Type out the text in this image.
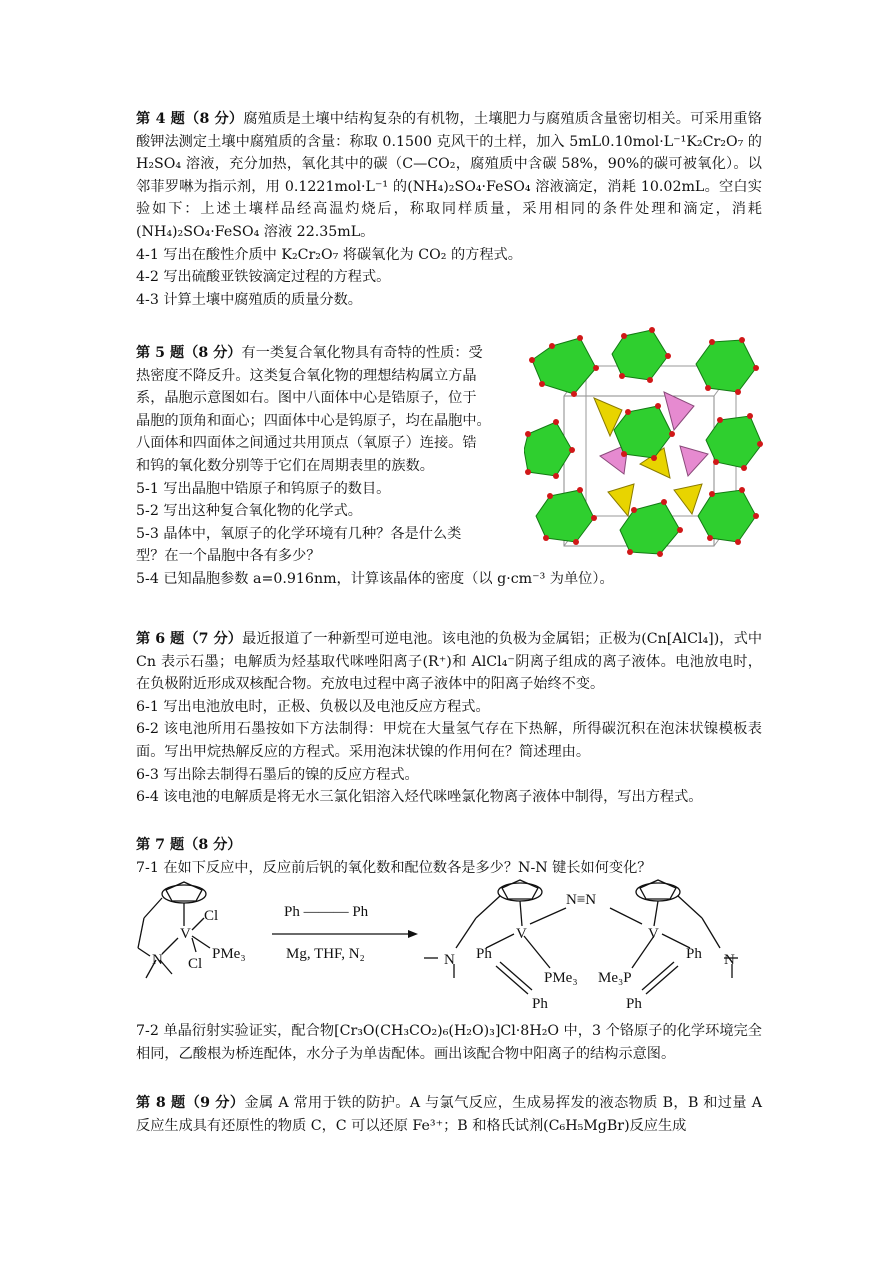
第 4 题（8 分）腐殖质是土壤中结构复杂的有机物，土壤肥力与腐殖质含量密切相关。可采用重铬酸钾法测定土壤中腐殖质的含量：称取 0.1500 克风干的土样，加入 5mL0.10mol·L⁻¹K₂Cr₂O₇ 的 H₂SO₄ 溶液，充分加热，氧化其中的碳（C—CO₂，腐殖质中含碳 58%，90%的碳可被氧化）。以邻菲罗啉为指示剂，用 0.1221mol·L⁻¹ 的(NH₄)₂SO₄·FeSO₄ 溶液滴定，消耗 10.02mL。空白实验如下：上述土壤样品经高温灼烧后，称取同样质量，采用相同的条件处理和滴定，消耗(NH₄)₂SO₄·FeSO₄ 溶液 22.35mL。

4-1 写出在酸性介质中 K₂Cr₂O₇ 将碳氧化为 CO₂ 的方程式。

4-2 写出硫酸亚铁铵滴定过程的方程式。

4-3 计算土壤中腐殖质的质量分数。

第 5 题（8 分）有一类复合氧化物具有奇特的性质：受

热密度不降反升。这类复合氧化物的理想结构属立方晶

系，晶胞示意图如右。图中八面体中心是锆原子，位于

晶胞的顶角和面心；四面体中心是钨原子，均在晶胞中。

八面体和四面体之间通过共用顶点（氧原子）连接。锆

和钨的氧化数分别等于它们在周期表里的族数。

5-1 写出晶胞中锆原子和钨原子的数目。

5-2 写出这种复合氧化物的化学式。

5-3 晶体中，氧原子的化学环境有几种？各是什么类

型？在一个晶胞中各有多少？

5-4 已知晶胞参数 a=0.916nm，计算该晶体的密度（以 g·cm⁻³ 为单位）。

第 6 题（7 分）最近报道了一种新型可逆电池。该电池的负极为金属铝；正极为(Cn[AlCl₄])，式中 Cn 表示石墨；电解质为烃基取代咪唑阳离子(R⁺)和 AlCl₄⁻阴离子组成的离子液体。电池放电时，在负极附近形成双核配合物。充放电过程中离子液体中的阳离子始终不变。

6-1 写出电池放电时，正极、负极以及电池反应方程式。

6-2 该电池所用石墨按如下方法制得：甲烷在大量氢气存在下热解，所得碳沉积在泡沫状镍模板表面。写出甲烷热解反应的方程式。采用泡沫状镍的作用何在？简述理由。

6-3 写出除去制得石墨后的镍的反应方程式。

6-4 该电池的电解质是将无水三氯化铝溶入烃代咪唑氯化物离子液体中制得，写出方程式。

第 7 题（8 分）

7-1 在如下反应中，反应前后钒的氧化数和配位数各是多少？N-N 键长如何变化？

N
V
Cl
Cl
PMe₃
Ph ——— Ph
Mg, THF, N₂
N≡N
V	V
N	N
Ph	Ph
Ph	Ph
PMe₃ Me₃P

7-2 单晶衍射实验证实，配合物[Cr₃O(CH₃CO₂)₆(H₂O)₃]Cl·8H₂O 中，3 个铬原子的化学环境完全相同，乙酸根为桥连配体，水分子为单齿配体。画出该配合物中阳离子的结构示意图。

第 8 题（9 分）金属 A 常用于铁的防护。A 与氯气反应，生成易挥发的液态物质 B，B 和过量 A 反应生成具有还原性的物质 C，C 可以还原 Fe³⁺；B 和格氏试剂(C₆H₅MgBr)反应生成
